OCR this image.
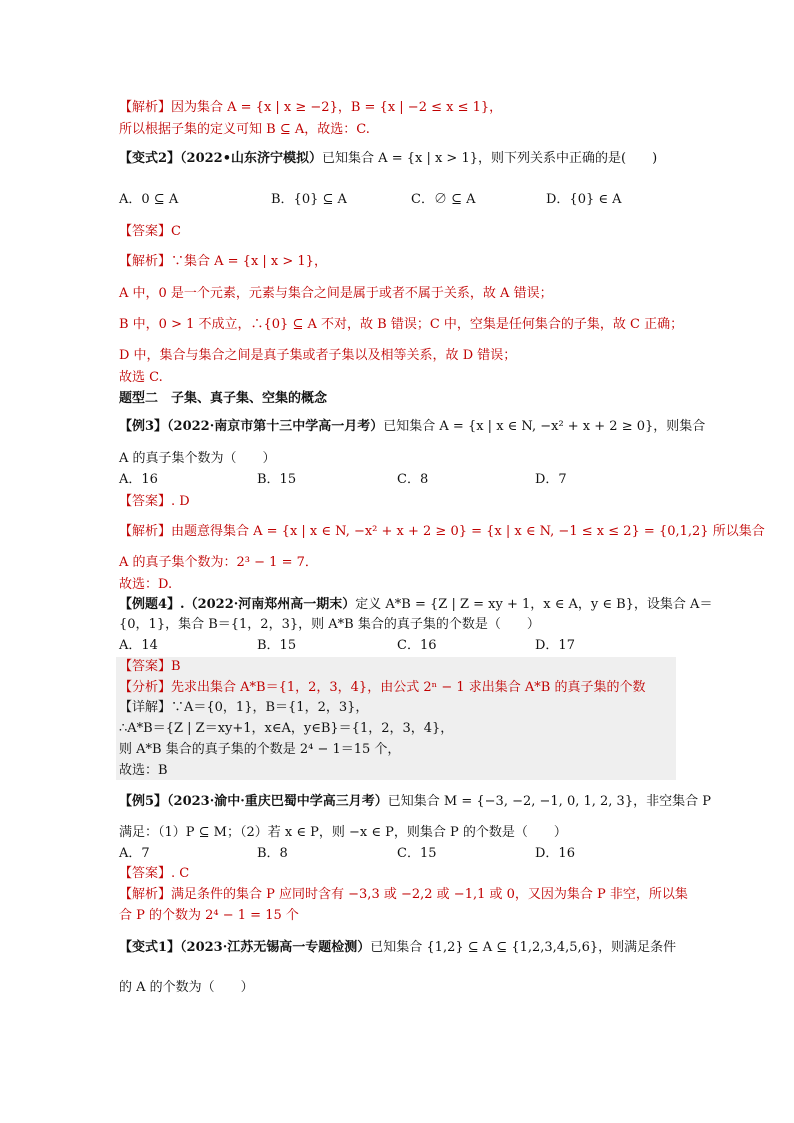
【解析】因为集合 A = {x | x ≥ −2}，B = {x | −2 ≤ x ≤ 1}，
所以根据子集的定义可知 B ⊆ A，故选：C.
【变式2】（2022•山东济宁模拟）已知集合 A = {x | x > 1}，则下列关系中正确的是(　　)
A．0 ⊆ A	B．{0} ⊆ A	C．∅ ⊆ A	D．{0} ∈ A
【答案】C
【解析】∵集合 A = {x | x > 1}，
A 中，0 是一个元素，元素与集合之间是属于或者不属于关系，故 A 错误；
B 中，0 > 1 不成立，∴{0} ⊆ A 不对，故 B 错误；C 中，空集是任何集合的子集，故 C 正确；
D 中，集合与集合之间是真子集或者子集以及相等关系，故 D 错误；
故选 C.
题型二　子集、真子集、空集的概念
【例3】（2022·南京市第十三中学高一月考）已知集合 A = {x | x ∈ N, −x² + x + 2 ≥ 0}，则集合
A 的真子集个数为（　　）
A．16	B．15	C．8	D．7
【答案】. D
【解析】由题意得集合 A = {x | x ∈ N, −x² + x + 2 ≥ 0} = {x | x ∈ N, −1 ≤ x ≤ 2} = {0,1,2} 所以集合
A 的真子集个数为：2³ − 1 = 7．
故选：D.
【例题4】.（2022·河南郑州高一期末）定义 A*B = {Z | Z = xy + 1，x ∈ A，y ∈ B}，设集合 A＝
{0，1}，集合 B＝{1，2，3}，则 A*B 集合的真子集的个数是（　　）
A．14	B．15	C．16	D．17
【答案】B
【分析】先求出集合 A*B＝{1，2，3，4}，由公式 2ⁿ − 1 求出集合 A*B 的真子集的个数
【详解】∵A＝{0，1}，B＝{1，2，3}，
∴A*B＝{Z | Z＝xy+1，x∈A，y∈B}＝{1，2，3，4}，
则 A*B 集合的真子集的个数是 2⁴ − 1＝15 个，
故选：B
【例5】（2023·渝中·重庆巴蜀中学高三月考）已知集合 M = {−3, −2, −1, 0, 1, 2, 3}，非空集合 P
满足：（1）P ⊆ M；（2）若 x ∈ P，则 −x ∈ P，则集合 P 的个数是（　　）
A．7	B．8	C．15	D．16
【答案】. C
【解析】满足条件的集合 P 应同时含有 −3,3 或 −2,2 或 −1,1 或 0，又因为集合 P 非空，所以集
合 P 的个数为 2⁴ − 1 = 15 个
【变式1】（2023·江苏无锡高一专题检测）已知集合 {1,2} ⊆ A ⊆ {1,2,3,4,5,6}，则满足条件
的 A 的个数为（　　）
